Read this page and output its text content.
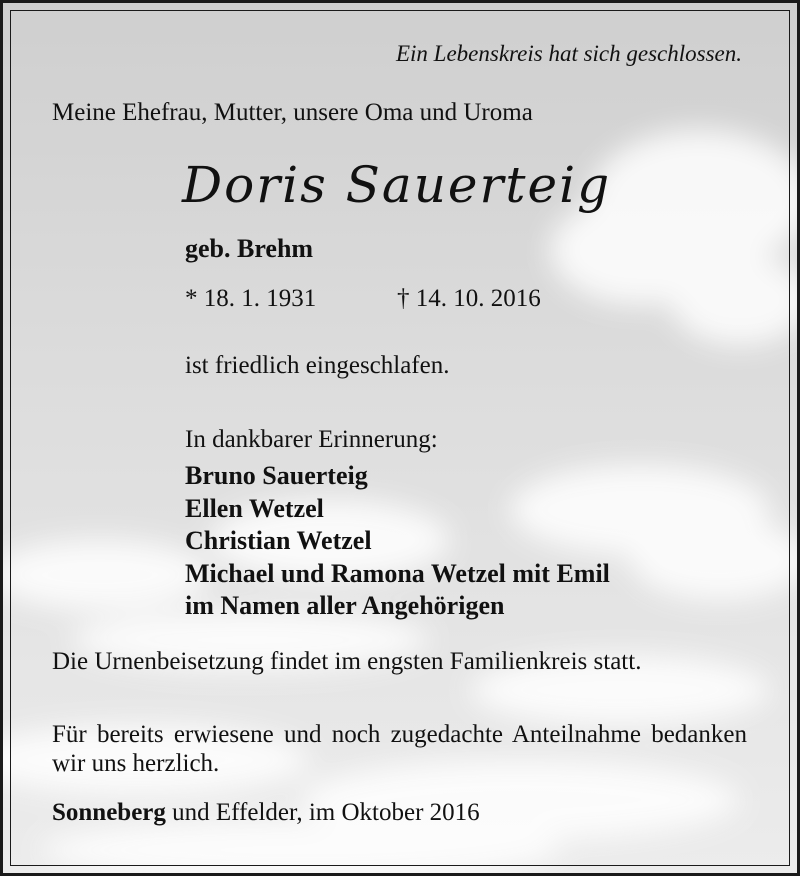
Ein Lebenskreis hat sich geschlossen.
Meine Ehefrau, Mutter, unsere Oma und Uroma
Doris Sauerteig
geb. Brehm
* 18. 1. 1931	† 14. 10. 2016
ist friedlich eingeschlafen.
In dankbarer Erinnerung:
Bruno Sauerteig
Ellen Wetzel
Christian Wetzel
Michael und Ramona Wetzel mit Emil
im Namen aller Angehörigen

Die Urnenbeisetzung findet im engsten Familienkreis statt.

Für bereits erwiesene und noch zugedachte Anteilnahme bedanken wir uns herzlich.

Sonneberg und Effelder, im Oktober 2016
